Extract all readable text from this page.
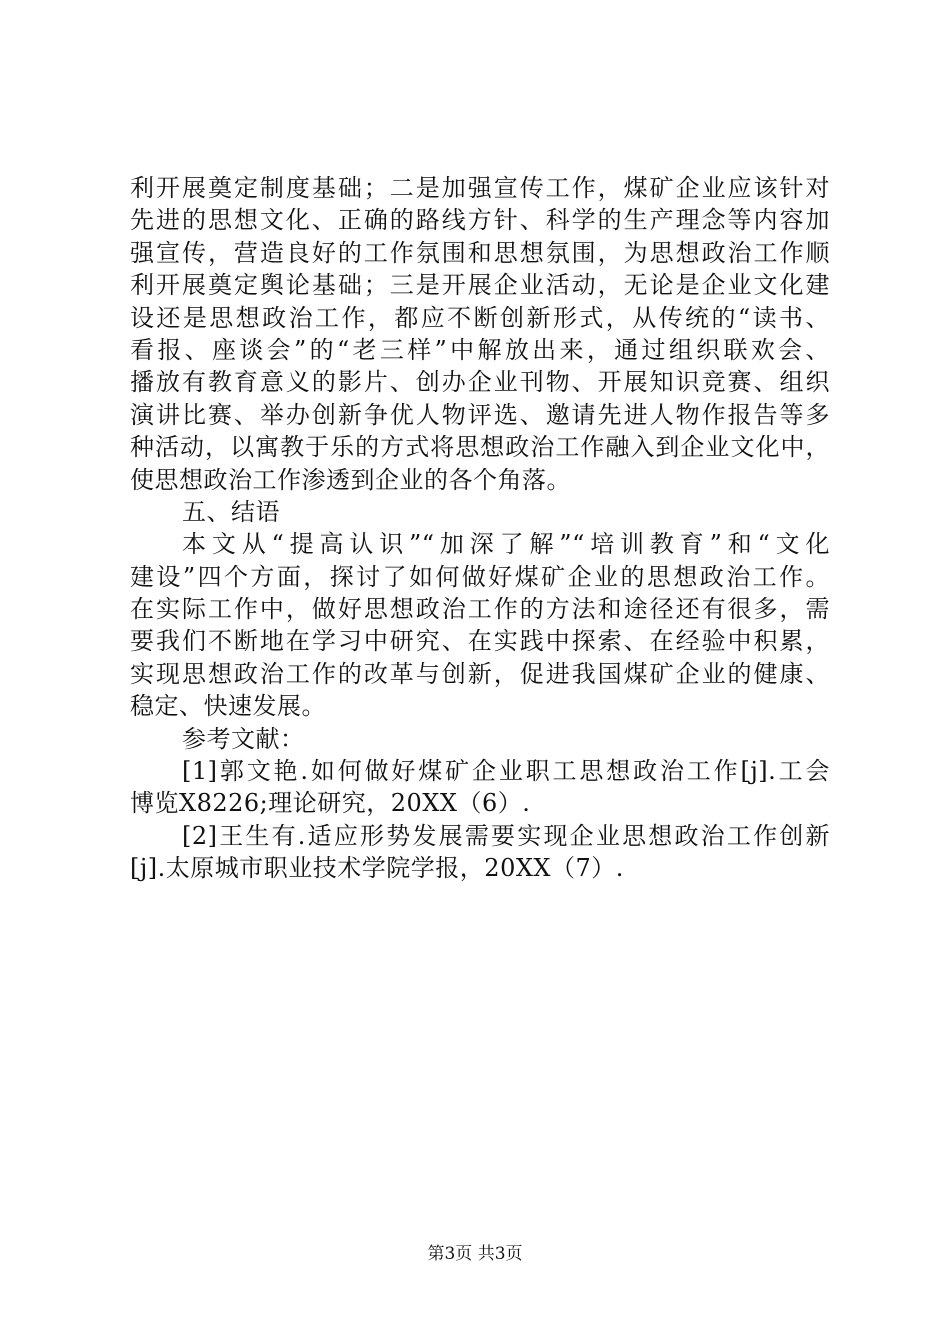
利开展奠定制度基础；二是加强宣传工作，煤矿企业应该针对
先进的思想文化、正确的路线方针、科学的生产理念等内容加
强宣传，营造良好的工作氛围和思想氛围，为思想政治工作顺
利开展奠定舆论基础；三是开展企业活动，无论是企业文化建
设还是思想政治工作，都应不断创新形式，从传统的“读书、
看报、座谈会”的“老三样”中解放出来，通过组织联欢会、
播放有教育意义的影片、创办企业刊物、开展知识竞赛、组织
演讲比赛、举办创新争优人物评选、邀请先进人物作报告等多
种活动，以寓教于乐的方式将思想政治工作融入到企业文化中，
使思想政治工作渗透到企业的各个角落。
五、结语
本文从“提高认识”“加深了解”“培训教育”和“文化
建设”四个方面，探讨了如何做好煤矿企业的思想政治工作。
在实际工作中，做好思想政治工作的方法和途径还有很多，需
要我们不断地在学习中研究、在实践中探索、在经验中积累，
实现思想政治工作的改革与创新，促进我国煤矿企业的健康、
稳定、快速发展。
参考文献：
[1]郭文艳.如何做好煤矿企业职工思想政治工作[j].工会
博览X8226;理论研究，20XX（6）.
[2]王生有.适应形势发展需要实现企业思想政治工作创新
[j].太原城市职业技术学院学报，20XX（7）.
第3页 共3页
